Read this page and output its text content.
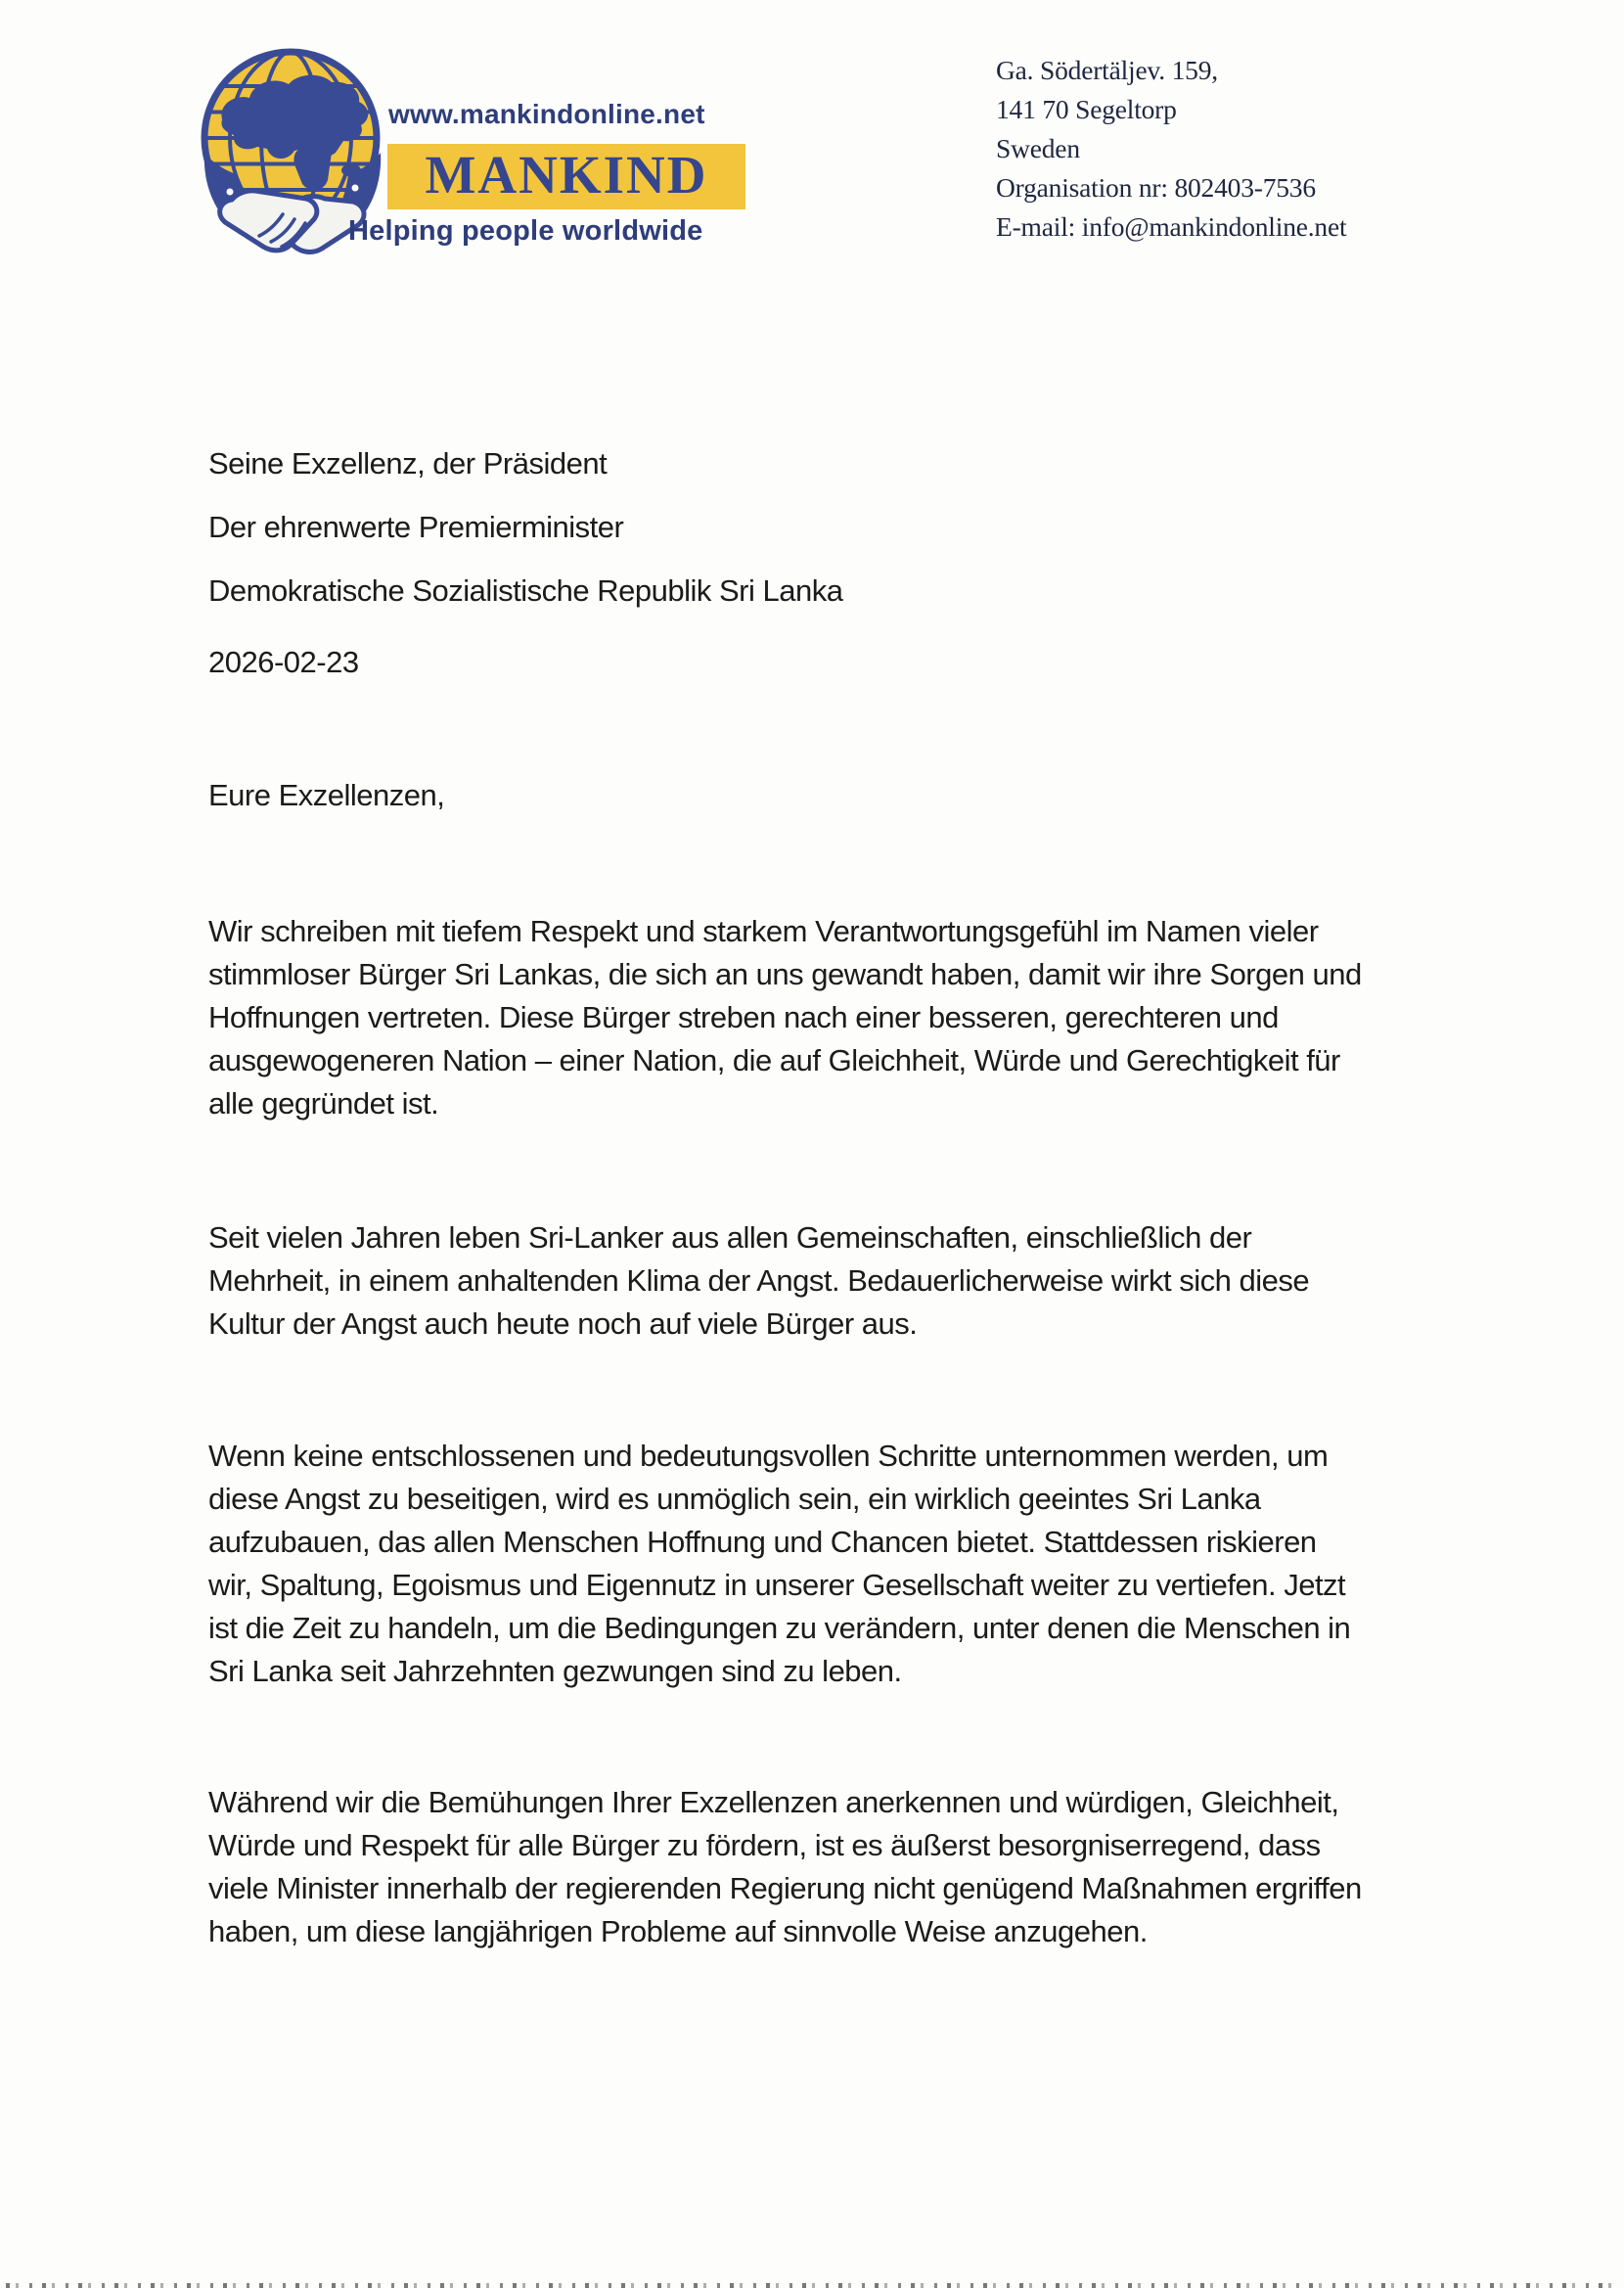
www.mankindonline.net
MANKIND
Helping people worldwide
Ga. Södertäljev. 159,
141 70 Segeltorp
Sweden
Organisation nr: 802403-7536
E-mail: info@mankindonline.net
Seine Exzellenz, der Präsident
Der ehrenwerte Premierminister
Demokratische Sozialistische Republik Sri Lanka
2026-02-23
Eure Exzellenzen,

Wir schreiben mit tiefem Respekt und starkem Verantwortungsgefühl im Namen vieler
stimmloser Bürger Sri Lankas, die sich an uns gewandt haben, damit wir ihre Sorgen und
Hoffnungen vertreten. Diese Bürger streben nach einer besseren, gerechteren und
ausgewogeneren Nation – einer Nation, die auf Gleichheit, Würde und Gerechtigkeit für
alle gegründet ist.

Seit vielen Jahren leben Sri-Lanker aus allen Gemeinschaften, einschließlich der
Mehrheit, in einem anhaltenden Klima der Angst. Bedauerlicherweise wirkt sich diese
Kultur der Angst auch heute noch auf viele Bürger aus.

Wenn keine entschlossenen und bedeutungsvollen Schritte unternommen werden, um
diese Angst zu beseitigen, wird es unmöglich sein, ein wirklich geeintes Sri Lanka
aufzubauen, das allen Menschen Hoffnung und Chancen bietet. Stattdessen riskieren
wir, Spaltung, Egoismus und Eigennutz in unserer Gesellschaft weiter zu vertiefen. Jetzt
ist die Zeit zu handeln, um die Bedingungen zu verändern, unter denen die Menschen in
Sri Lanka seit Jahrzehnten gezwungen sind zu leben.

Während wir die Bemühungen Ihrer Exzellenzen anerkennen und würdigen, Gleichheit,
Würde und Respekt für alle Bürger zu fördern, ist es äußerst besorgniserregend, dass
viele Minister innerhalb der regierenden Regierung nicht genügend Maßnahmen ergriffen
haben, um diese langjährigen Probleme auf sinnvolle Weise anzugehen.
